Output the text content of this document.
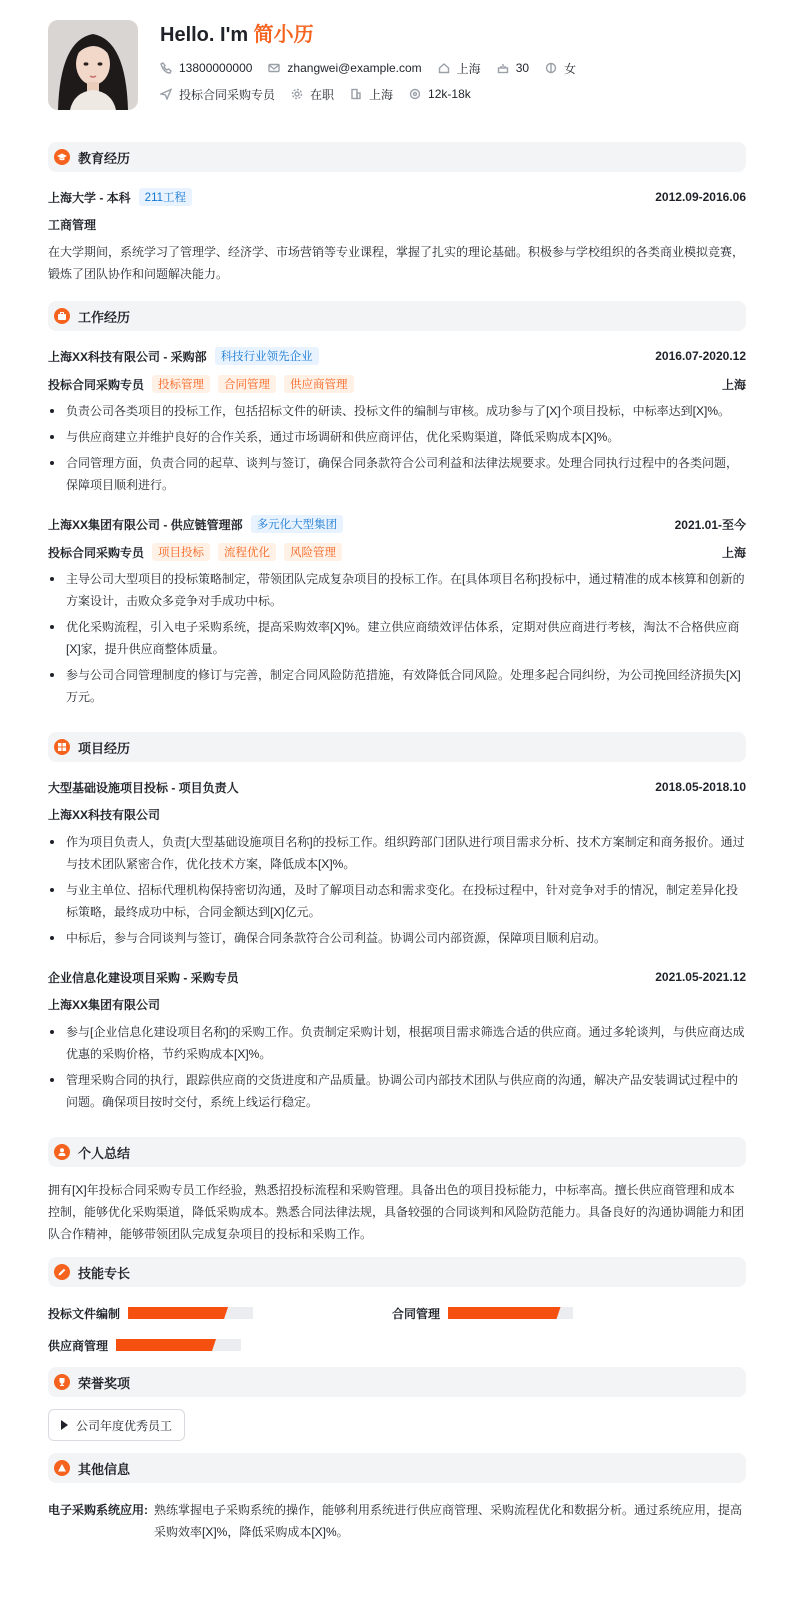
Hello. I'm 简小历
13800000000	zhangwei@example.com	上海	30	女
投标合同采购专员	在职	上海	12k-18k
教育经历
上海大学 - 本科	211工程	2012.09-2016.06
工商管理
在大学期间，系统学习了管理学、经济学、市场营销等专业课程，掌握了扎实的理论基础。积极参与学校组织的各类商业模拟竞赛，锻炼了团队协作和问题解决能力。
工作经历
上海XX科技有限公司 - 采购部	科技行业领先企业	2016.07-2020.12
投标合同采购专员	投标管理	合同管理	供应商管理	上海
负责公司各类项目的投标工作，包括招标文件的研读、投标文件的编制与审核。成功参与了[X]个项目投标，中标率达到[X]%。
与供应商建立并维护良好的合作关系，通过市场调研和供应商评估，优化采购渠道，降低采购成本[X]%。
合同管理方面，负责合同的起草、谈判与签订，确保合同条款符合公司利益和法律法规要求。处理合同执行过程中的各类问题，保障项目顺利进行。
上海XX集团有限公司 - 供应链管理部	多元化大型集团	2021.01-至今
投标合同采购专员	项目投标	流程优化	风险管理	上海
主导公司大型项目的投标策略制定，带领团队完成复杂项目的投标工作。在[具体项目名称]投标中，通过精准的成本核算和创新的方案设计，击败众多竞争对手成功中标。
优化采购流程，引入电子采购系统，提高采购效率[X]%。建立供应商绩效评估体系，定期对供应商进行考核，淘汰不合格供应商[X]家，提升供应商整体质量。
参与公司合同管理制度的修订与完善，制定合同风险防范措施，有效降低合同风险。处理多起合同纠纷，为公司挽回经济损失[X]万元。
项目经历
大型基础设施项目投标 - 项目负责人	2018.05-2018.10
上海XX科技有限公司
作为项目负责人，负责[大型基础设施项目名称]的投标工作。组织跨部门团队进行项目需求分析、技术方案制定和商务报价。通过与技术团队紧密合作，优化技术方案，降低成本[X]%。
与业主单位、招标代理机构保持密切沟通，及时了解项目动态和需求变化。在投标过程中，针对竞争对手的情况，制定差异化投标策略，最终成功中标，合同金额达到[X]亿元。
中标后，参与合同谈判与签订，确保合同条款符合公司利益。协调公司内部资源，保障项目顺利启动。
企业信息化建设项目采购 - 采购专员	2021.05-2021.12
上海XX集团有限公司
参与[企业信息化建设项目名称]的采购工作。负责制定采购计划，根据项目需求筛选合适的供应商。通过多轮谈判，与供应商达成优惠的采购价格，节约采购成本[X]%。
管理采购合同的执行，跟踪供应商的交货进度和产品质量。协调公司内部技术团队与供应商的沟通，解决产品安装调试过程中的问题。确保项目按时交付，系统上线运行稳定。
个人总结
拥有[X]年投标合同采购专员工作经验，熟悉招投标流程和采购管理。具备出色的项目投标能力，中标率高。擅长供应商管理和成本控制，能够优化采购渠道，降低采购成本。熟悉合同法律法规，具备较强的合同谈判和风险防范能力。具备良好的沟通协调能力和团队合作精神，能够带领团队完成复杂项目的投标和采购工作。
技能专长
投标文件编制	合同管理
供应商管理
荣誉奖项
公司年度优秀员工
其他信息
电子采购系统应用: 熟练掌握电子采购系统的操作，能够利用系统进行供应商管理、采购流程优化和数据分析。通过系统应用，提高采购效率[X]%，降低采购成本[X]%。
